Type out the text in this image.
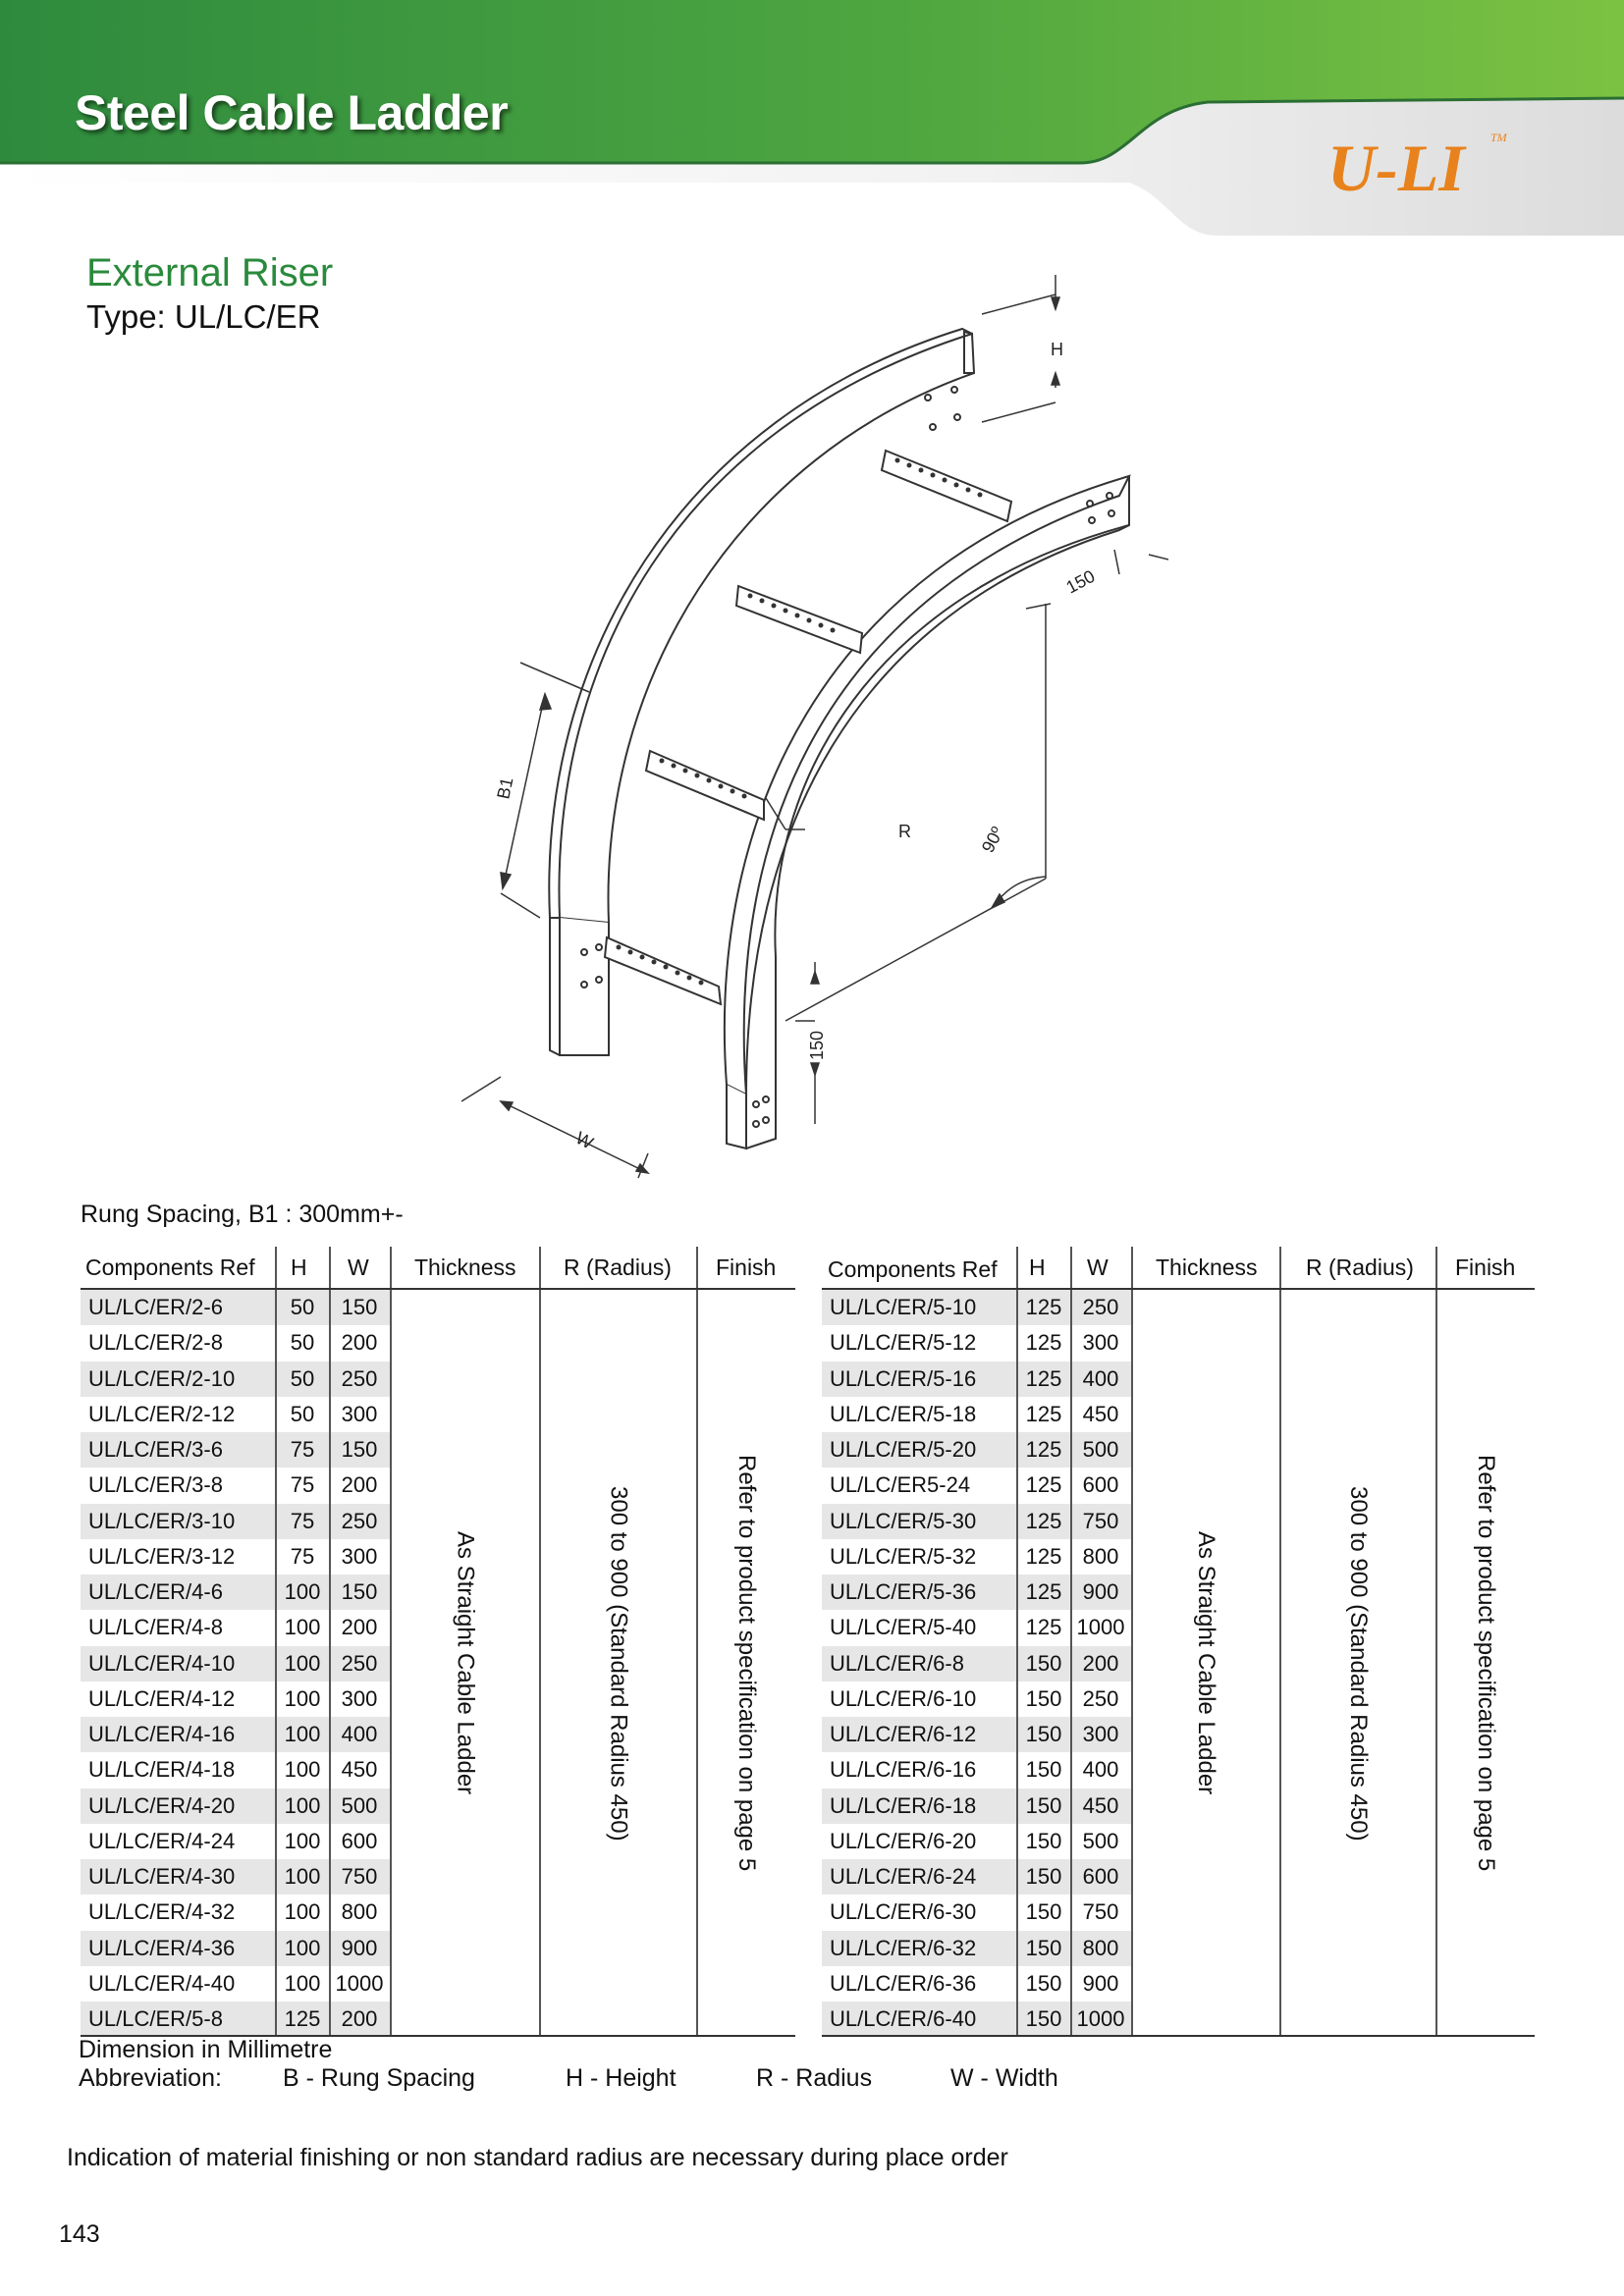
Steel Cable Ladder
U-LI TM
External Riser
Type: UL/LC/ER
H
B1
R	90º
150
150
W
Rung Spacing, B1 : 300mm+-
Components Ref H W Thickness R (Radius) Finish
UL/LC/ER/2-6	50	150
UL/LC/ER/2-8	50	200
UL/LC/ER/2-10	50	250
UL/LC/ER/2-12	50	300
UL/LC/ER/3-6	75	150
UL/LC/ER/3-8	75	200
UL/LC/ER/3-10	75	250
UL/LC/ER/3-12	75	300
UL/LC/ER/4-6	100 150
UL/LC/ER/4-8	100 200
UL/LC/ER/4-10	100 250
UL/LC/ER/4-12	100 300
UL/LC/ER/4-16	100 400
UL/LC/ER/4-18	100 450
UL/LC/ER/4-20	100 500
UL/LC/ER/4-24	100 600
UL/LC/ER/4-30	100 750
UL/LC/ER/4-32	100 800
UL/LC/ER/4-36	100 900
UL/LC/ER/4-40	100 1000
UL/LC/ER/5-8	125 200
As Straight Cable Ladder	300 to 900 (Standard Radius 450)	Refer to product specification on page 5
Components Ref H W Thickness R (Radius) Finish
UL/LC/ER/5-10	125 250
UL/LC/ER/5-12	125 300
UL/LC/ER/5-16	125 400
UL/LC/ER/5-18	125 450
UL/LC/ER/5-20	125 500
UL/LC/ER5-24	125 600
UL/LC/ER/5-30	125 750
UL/LC/ER/5-32	125 800
UL/LC/ER/5-36	125 900
UL/LC/ER/5-40	125 1000
UL/LC/ER/6-8	150 200
UL/LC/ER/6-10	150 250
UL/LC/ER/6-12	150 300
UL/LC/ER/6-16	150 400
UL/LC/ER/6-18	150 450
UL/LC/ER/6-20	150 500
UL/LC/ER/6-24	150 600
UL/LC/ER/6-30	150 750
UL/LC/ER/6-32	150 800
UL/LC/ER/6-36	150 900
UL/LC/ER/6-40	150 1000
As Straight Cable Ladder	300 to 900 (Standard Radius 450)	Refer to product specification on page 5
Dimension in Millimetre
Abbreviation: B - Rung Spacing	H - Height	R - Radius	W - Width
Indication of material finishing or non standard radius are necessary during place order
143
